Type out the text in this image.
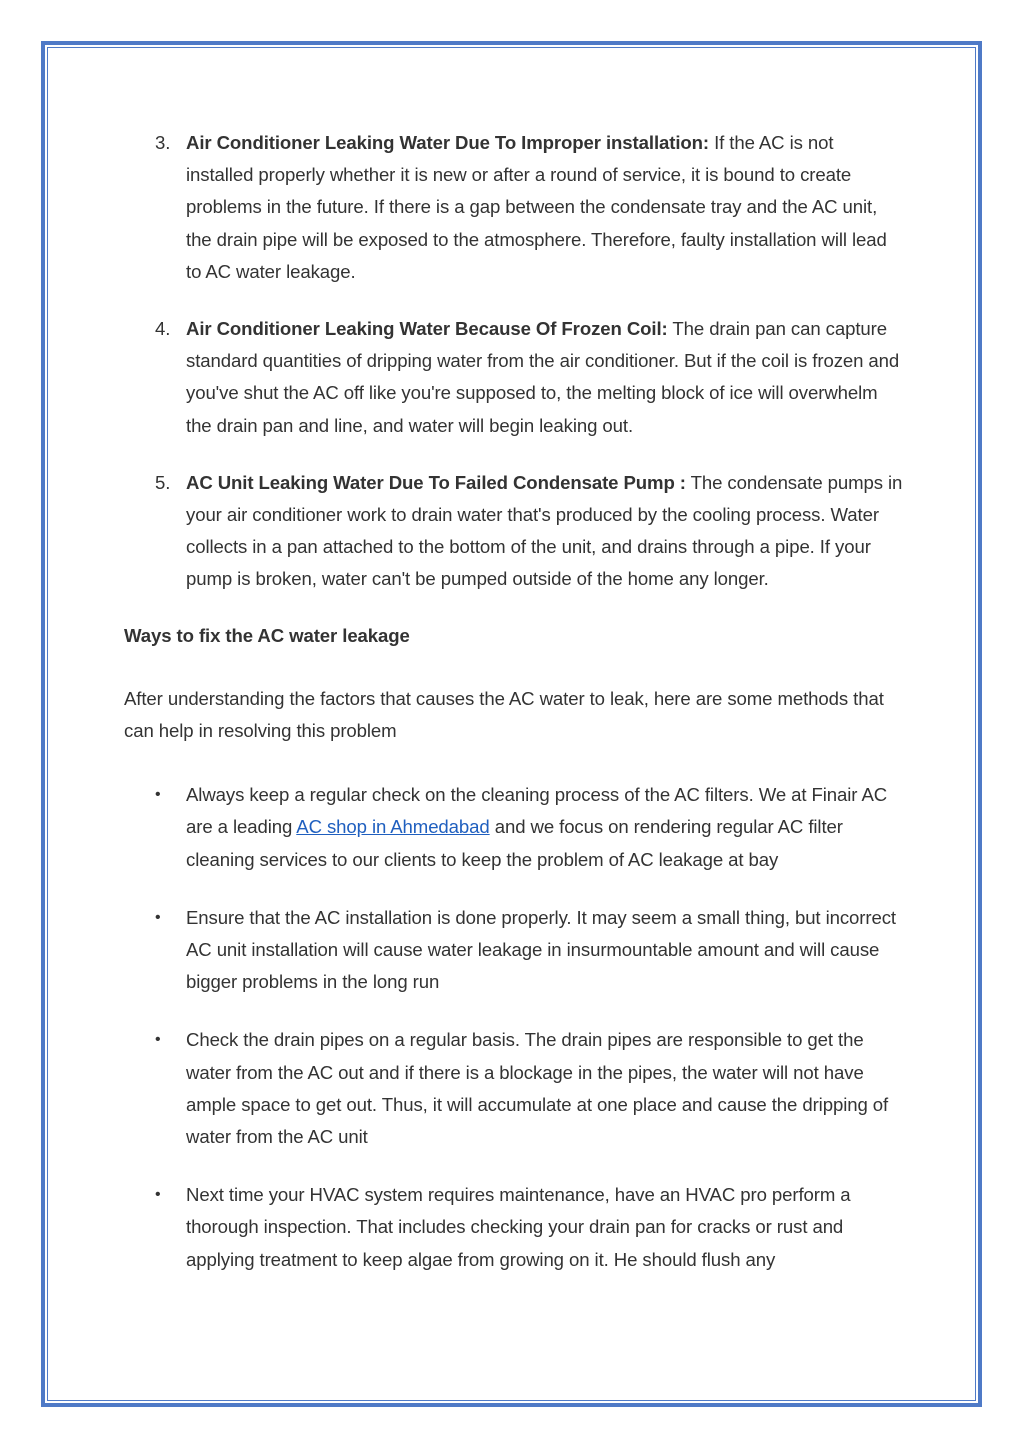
3. Air Conditioner Leaking Water Due To Improper installation: If the AC is not installed properly whether it is new or after a round of service, it is bound to create problems in the future. If there is a gap between the condensate tray and the AC unit, the drain pipe will be exposed to the atmosphere. Therefore, faulty installation will lead to AC water leakage.
4. Air Conditioner Leaking Water Because Of Frozen Coil: The drain pan can capture standard quantities of dripping water from the air conditioner. But if the coil is frozen and you've shut the AC off like you're supposed to, the melting block of ice will overwhelm the drain pan and line, and water will begin leaking out.
5. AC Unit Leaking Water Due To Failed Condensate Pump : The condensate pumps in your air conditioner work to drain water that's produced by the cooling process. Water collects in a pan attached to the bottom of the unit, and drains through a pipe. If your pump is broken, water can't be pumped outside of the home any longer.
Ways to fix the AC water leakage
After understanding the factors that causes the AC water to leak, here are some methods that can help in resolving this problem
• Always keep a regular check on the cleaning process of the AC filters. We at Finair AC are a leading AC shop in Ahmedabad and we focus on rendering regular AC filter cleaning services to our clients to keep the problem of AC leakage at bay
• Ensure that the AC installation is done properly. It may seem a small thing, but incorrect AC unit installation will cause water leakage in insurmountable amount and will cause bigger problems in the long run
• Check the drain pipes on a regular basis. The drain pipes are responsible to get the water from the AC out and if there is a blockage in the pipes, the water will not have ample space to get out. Thus, it will accumulate at one place and cause the dripping of water from the AC unit
• Next time your HVAC system requires maintenance, have an HVAC pro perform a thorough inspection. That includes checking your drain pan for cracks or rust and applying treatment to keep algae from growing on it. He should flush any
